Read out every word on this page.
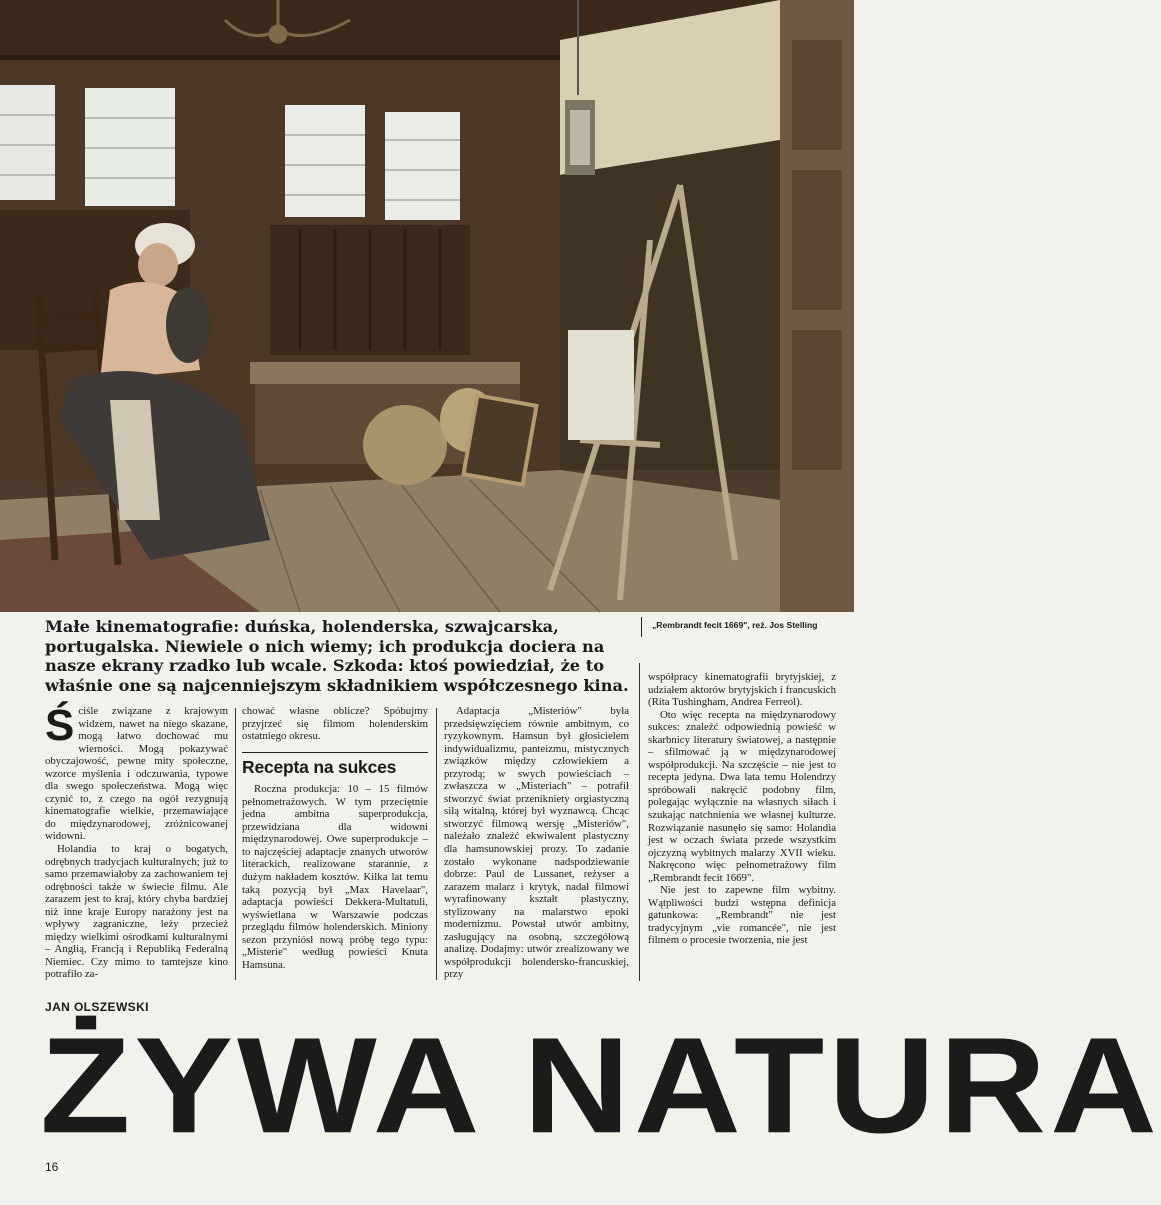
Małe kinematografie: duńska, holenderska, szwajcarska, portugalska. Niewiele o nich wiemy; ich produkcja dociera na nasze ekrany rzadko lub wcale. Szkoda: ktoś powiedział, że to właśnie one są najcenniejszym składnikiem współczesnego kina.
„Rembrandt fecit 1669", reż. Jos Stelling

Ściśle związane z krajowym widzem, nawet na niego skazane, mogą łatwo dochować mu wierności. Mogą pokazywać obyczajowość, pewne mity społeczne, wzorce myślenia i odczuwania, typowe dla swego społeczeństwa. Mogą więc czynić to, z czego na ogół rezygnują kinematografie wielkie, przemawiające do międzynarodowej, zróżnicowanej widowni.

Holandia to kraj o bogatych, odrębnych tradycjach kulturalnych; już to samo przemawiałoby za zachowaniem tej odrębności także w świecie filmu. Ale zarazem jest to kraj, który chyba bardziej niż inne kraje Europy narażony jest na wpływy zagraniczne, leży przecież między wielkimi ośrodkami kulturalnymi – Anglią, Francją i Republiką Federalną Niemiec. Czy mimo to tamtejsze kino potrafiło za-

chować własne oblicze? Spóbujmy przyjrzeć się filmom holenderskim ostatniego okresu.

Recepta na sukces

Roczna produkcja: 10 – 15 filmów pełnometrażowych. W tym przeciętnie jedna ambitna superprodukcja, przewidziana dla widowni międzynarodowej. Owe superprodukcje – to najczęściej adaptacje znanych utworów literackich, realizowane starannie, z dużym nakładem kosztów. Kilka lat temu taką pozycją był „Max Havelaar", adaptacja powieści Dekkera-Multatuli, wyświetlana w Warszawie podczas przeglądu filmów holenderskich. Miniony sezon przyniósł nową próbę tego typu: „Misterie" według powieści Knuta Hamsuna.

Adaptacja „Misteriów" była przedsięwzięciem równie ambitnym, co ryzykownym. Hamsun był głosicielem indywidualizmu, panteizmu, mistycznych związków między człowiekiem a przyrodą; w swych powieściach – zwłaszcza w „Misteriach" – potrafił stworzyć świat przenikniety orgiastyczną siłą witalną, której był wyznawcą. Chcąc stworzyć filmową wersję „Misteriów", należało znaleźć ekwiwalent plastyczny dla hamsunowskiej prozy. To zadanie zostało wykonane nadspodziewanie dobrze: Paul de Lussanet, reżyser a zarazem malarz i krytyk, nadał filmowi wyrafinowany kształt plastyczny, stylizowany na malarstwo epoki modernizmu. Powstał utwór ambitny, zasługujący na osobną, szczegółową analizę. Dodajmy: utwór zrealizowany we współprodukcji holendersko-francuskiej, przy

współpracy kinematografii brytyjskiej, z udziałem aktorów brytyjskich i francuskich (Rita Tushingham, Andrea Ferreol).

Oto więc recepta na międzynarodowy sukces: znaleźć odpowiednią powieść w skarbnicy literatury światowej, a następnie – sfilmować ją w międzynarodowej współprodukcji. Na szczęście – nie jest to recepta jedyna. Dwa lata temu Holendrzy spróbowali nakręcić podobny film, polegając wyłącznie na własnych siłach i szukając natchnienia we własnej kulturze. Rozwiązanie nasunęło się samo: Holandia jest w oczach świata przede wszystkim ojczyzną wybitnych malarzy XVII wieku. Nakręcono więc pełnometrażowy film „Rembrandt fecit 1669".

Nie jest to zapewne film wybitny. Wątpliwości budzi wstępna definicja gatunkowa: „Rembrandt" nie jest tradycyjnym „vie romancée", nie jest filmem o procesie tworzenia, nie jest

JAN OLSZEWSKI
ŻYWA NATURA
16
